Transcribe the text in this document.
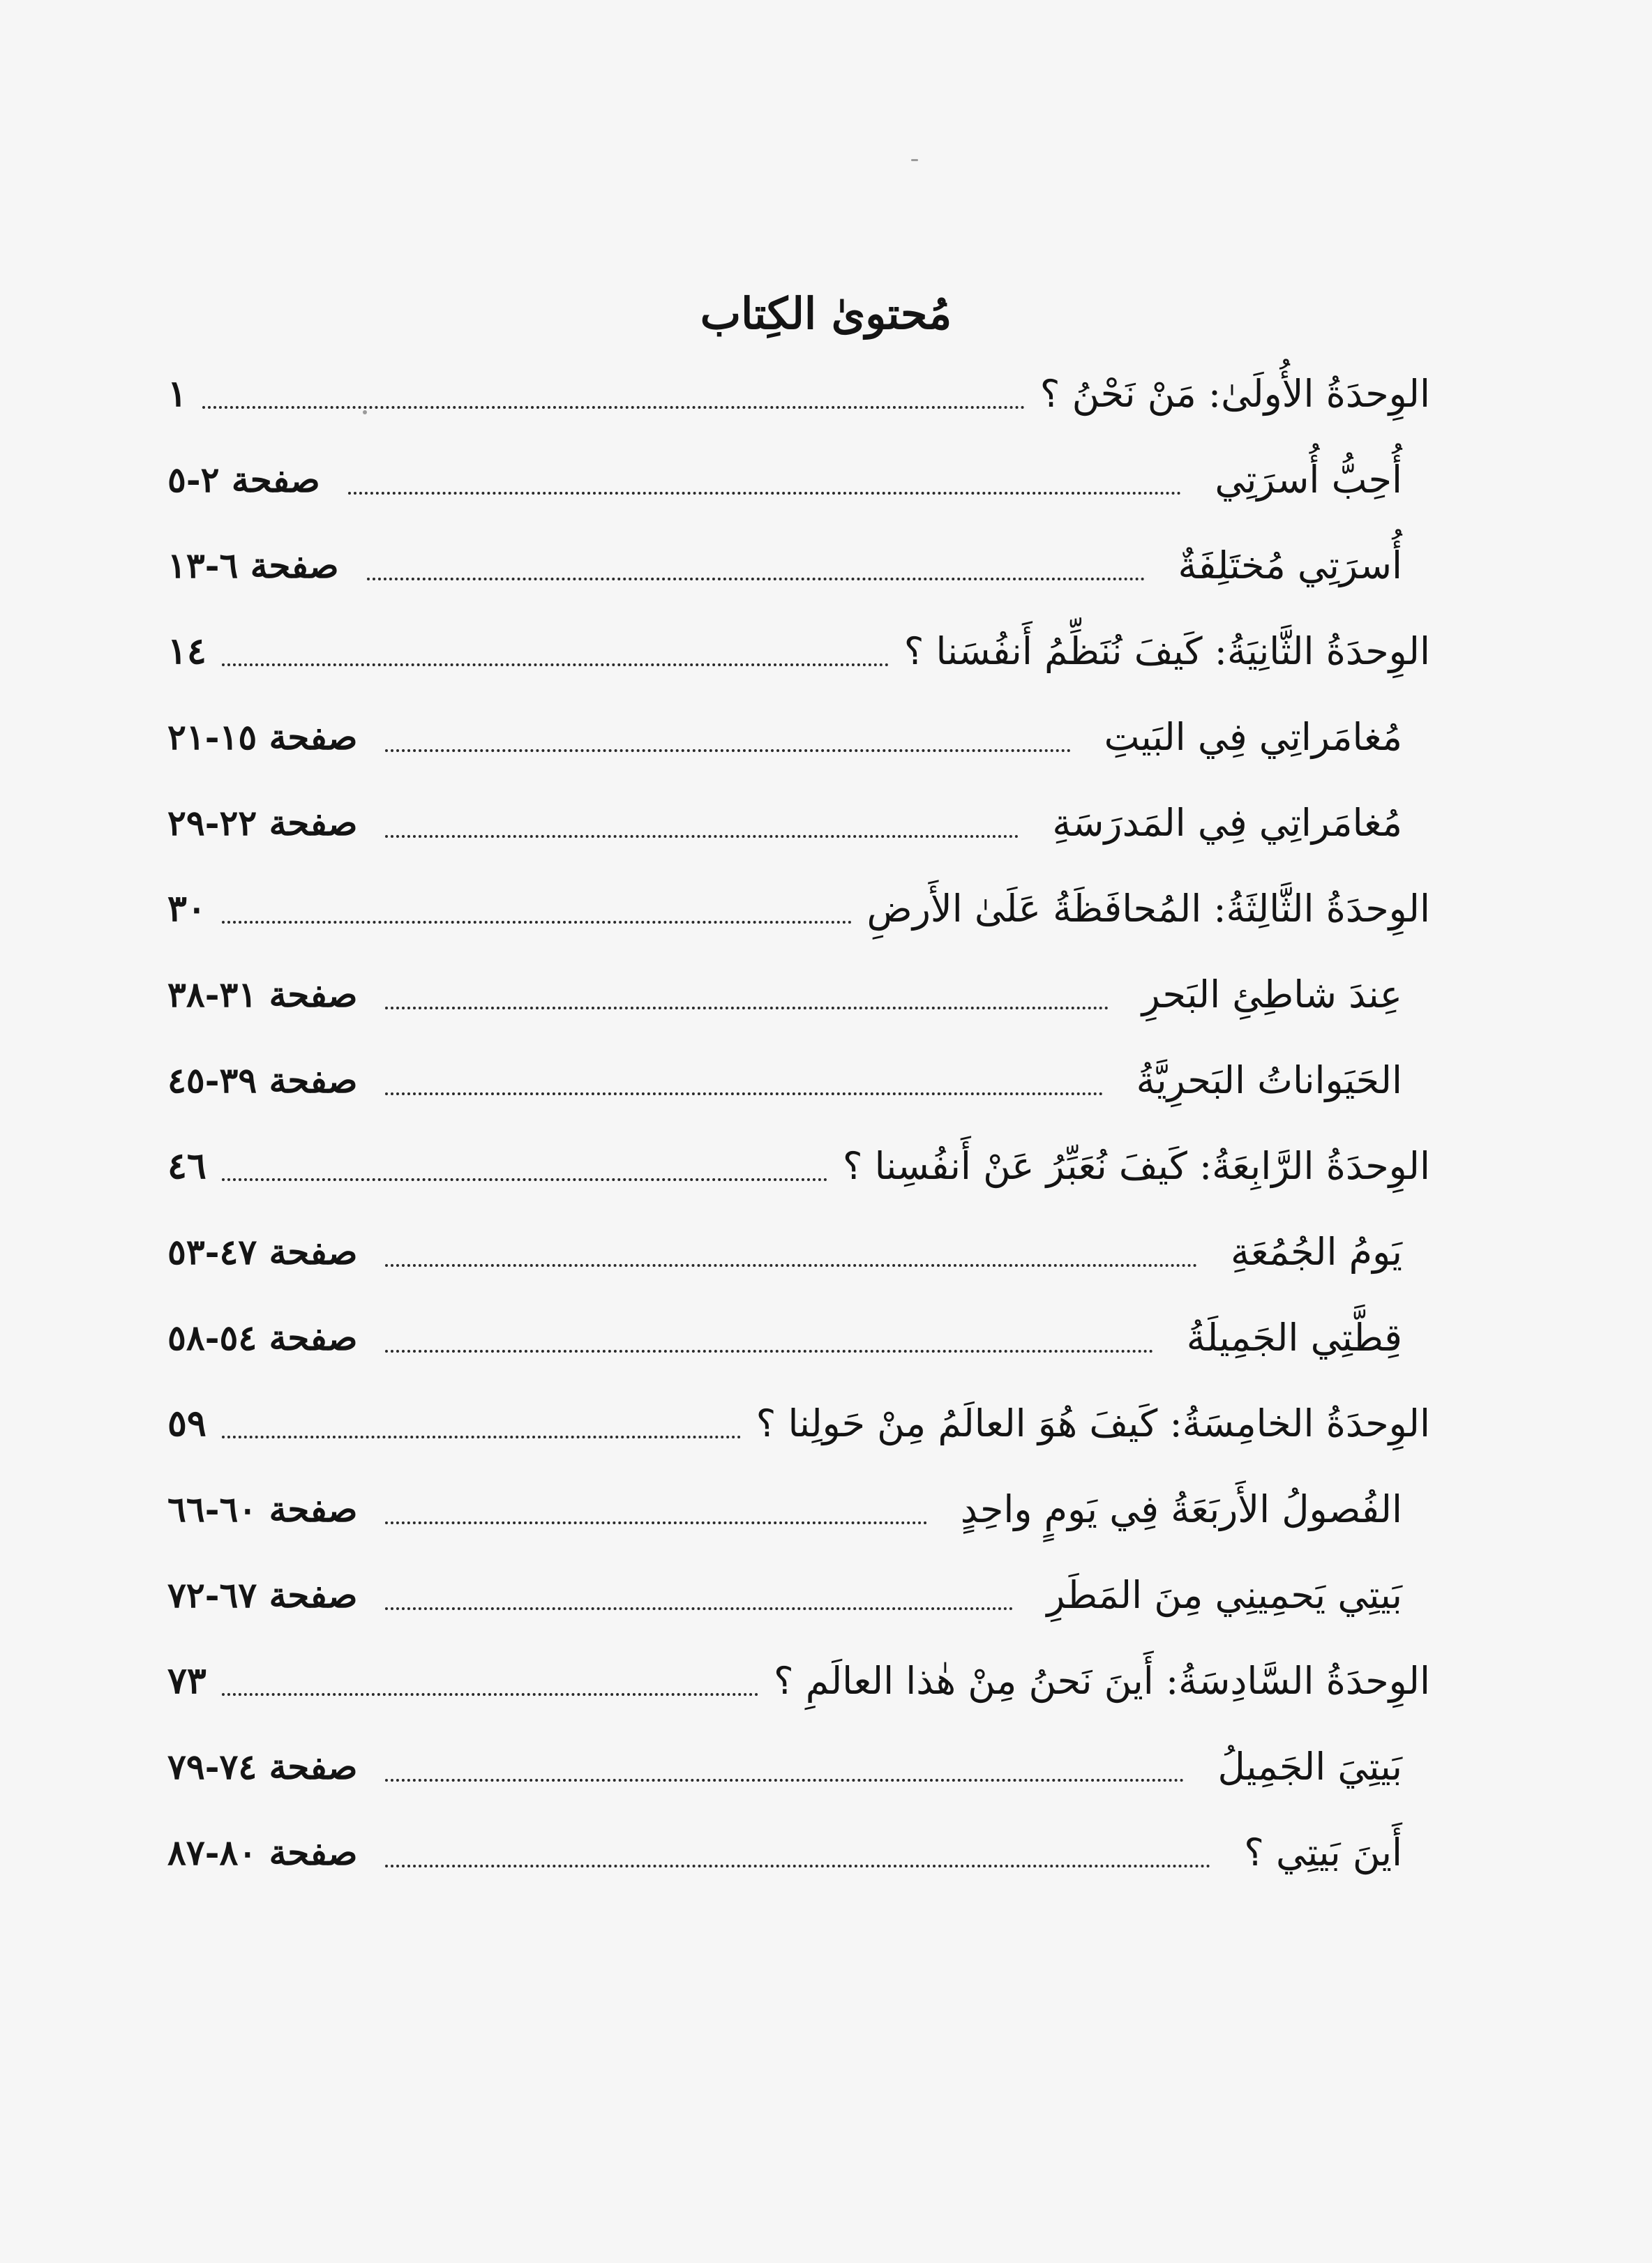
مُحتوىٰ الكِتاب
الوِحدَةُ الأُولَىٰ: مَنْ نَحْنُ ؟
١
أُحِبُّ أُسرَتِي
صفحة ٢-٥
أُسرَتِي مُختَلِفَةٌ
صفحة ٦-١٣
الوِحدَةُ الثَّانِيَةُ: كَيفَ نُنَظِّمُ أَنفُسَنا ؟
١٤
مُغامَراتِي فِي البَيتِ
صفحة ١٥-٢١
مُغامَراتِي فِي المَدرَسَةِ
صفحة ٢٢-٢٩
الوِحدَةُ الثَّالِثَةُ: المُحافَظَةُ عَلَىٰ الأَرضِ
٣٠
عِندَ شاطِئِ البَحرِ
صفحة ٣١-٣٨
الحَيَواناتُ البَحرِيَّةُ
صفحة ٣٩-٤٥
الوِحدَةُ الرَّابِعَةُ: كَيفَ نُعَبِّرُ عَنْ أَنفُسِنا ؟
٤٦
يَومُ الجُمُعَةِ
صفحة ٤٧-٥٣
قِطَّتِي الجَمِيلَةُ
صفحة ٥٤-٥٨
الوِحدَةُ الخامِسَةُ: كَيفَ هُوَ العالَمُ مِنْ حَولِنا ؟
٥٩
الفُصولُ الأَربَعَةُ فِي يَومٍ واحِدٍ
صفحة ٦٠-٦٦
بَيتِي يَحمِينِي مِنَ المَطَرِ
صفحة ٦٧-٧٢
الوِحدَةُ السَّادِسَةُ: أَينَ نَحنُ مِنْ هٰذا العالَمِ ؟
٧٣
بَيتِيَ الجَمِيلُ
صفحة ٧٤-٧٩
أَينَ بَيتِي ؟
صفحة ٨٠-٨٧
